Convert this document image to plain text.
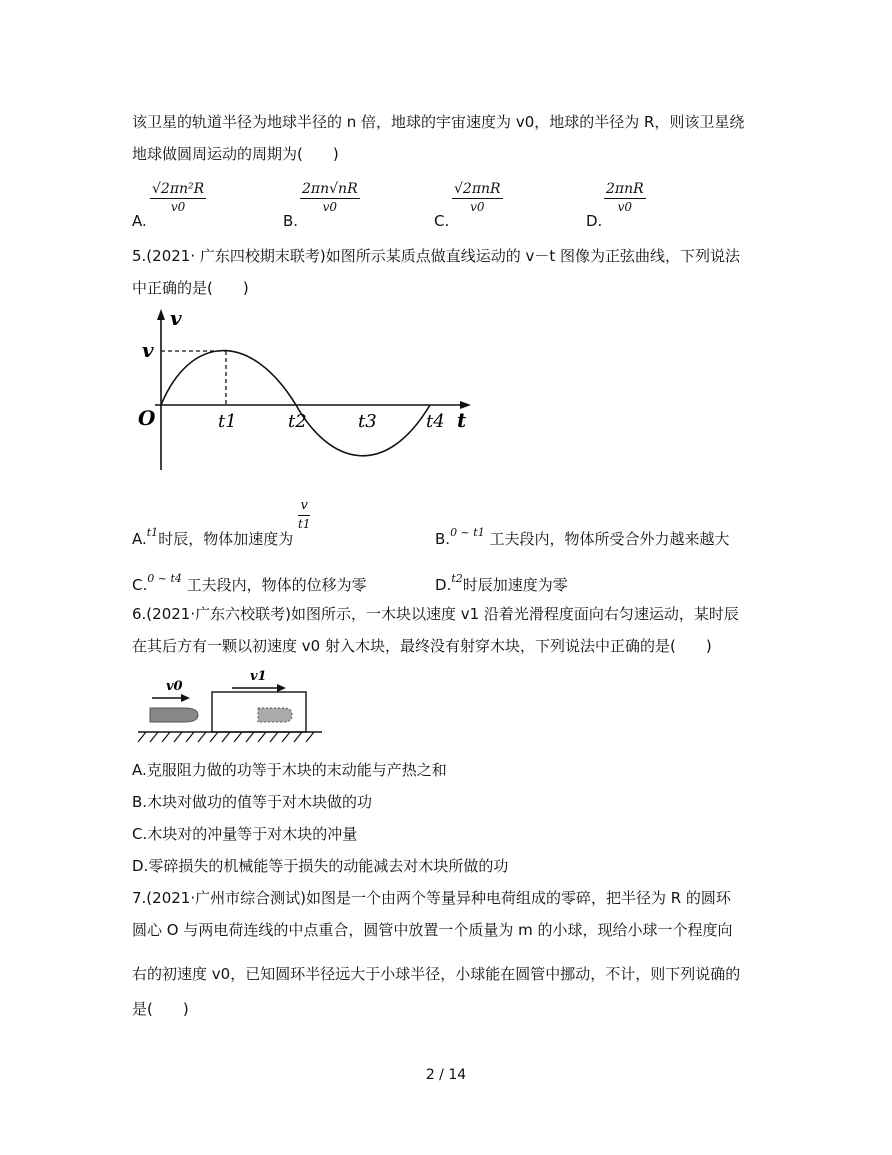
该卫星的轨道半径为地球半径的 n 倍，地球的宇宙速度为 v0，地球的半径为 R，则该卫星绕
地球做圆周运动的周期为(　　)
A.
$\frac{\text{√2πn²R}}{v0}$
B.
$\frac{2\pi n√nR}{v0}$
C.
√2πnR
v0
D.
2πnR
v0
5.(2021· 广东四校期末联考)如图所示某质点做直线运动的 v－t 图像为正弦曲线，下列说法
中正确的是(　　)
v
v
O	t
t1	t2	t3	t4
A.$^{t1}$时辰，物体加速度为
$\frac{v}{t1}$
B.$^{0 \sim t1}$ 工夫段内，物体所受合外力越来越大
C.$^{0 \sim t4}$ 工夫段内，物体的位移为零	D.$^{t2}$时辰加速度为零
6.(2021·广东六校联考)如图所示，一木块以速度 v1 沿着光滑程度面向右匀速运动，某时辰
在其后方有一颗以初速度 v0 射入木块，最终没有射穿木块，下列说法中正确的是(　　)
v0
v1
A.克服阻力做的功等于木块的末动能与产热之和
B.木块对做功的值等于对木块做的功
C.木块对的冲量等于对木块的冲量
D.零碎损失的机械能等于损失的动能减去对木块所做的功
7.(2021·广州市综合测试)如图是一个由两个等量异种电荷组成的零碎，把半径为 R 的圆环
圆心 O 与两电荷连线的中点重合，圆管中放置一个质量为 m 的小球，现给小球一个程度向
右的初速度 v0，已知圆环半径远大于小球半径，小球能在圆管中挪动，不计，则下列说确的
是(　　)
2 / 14
